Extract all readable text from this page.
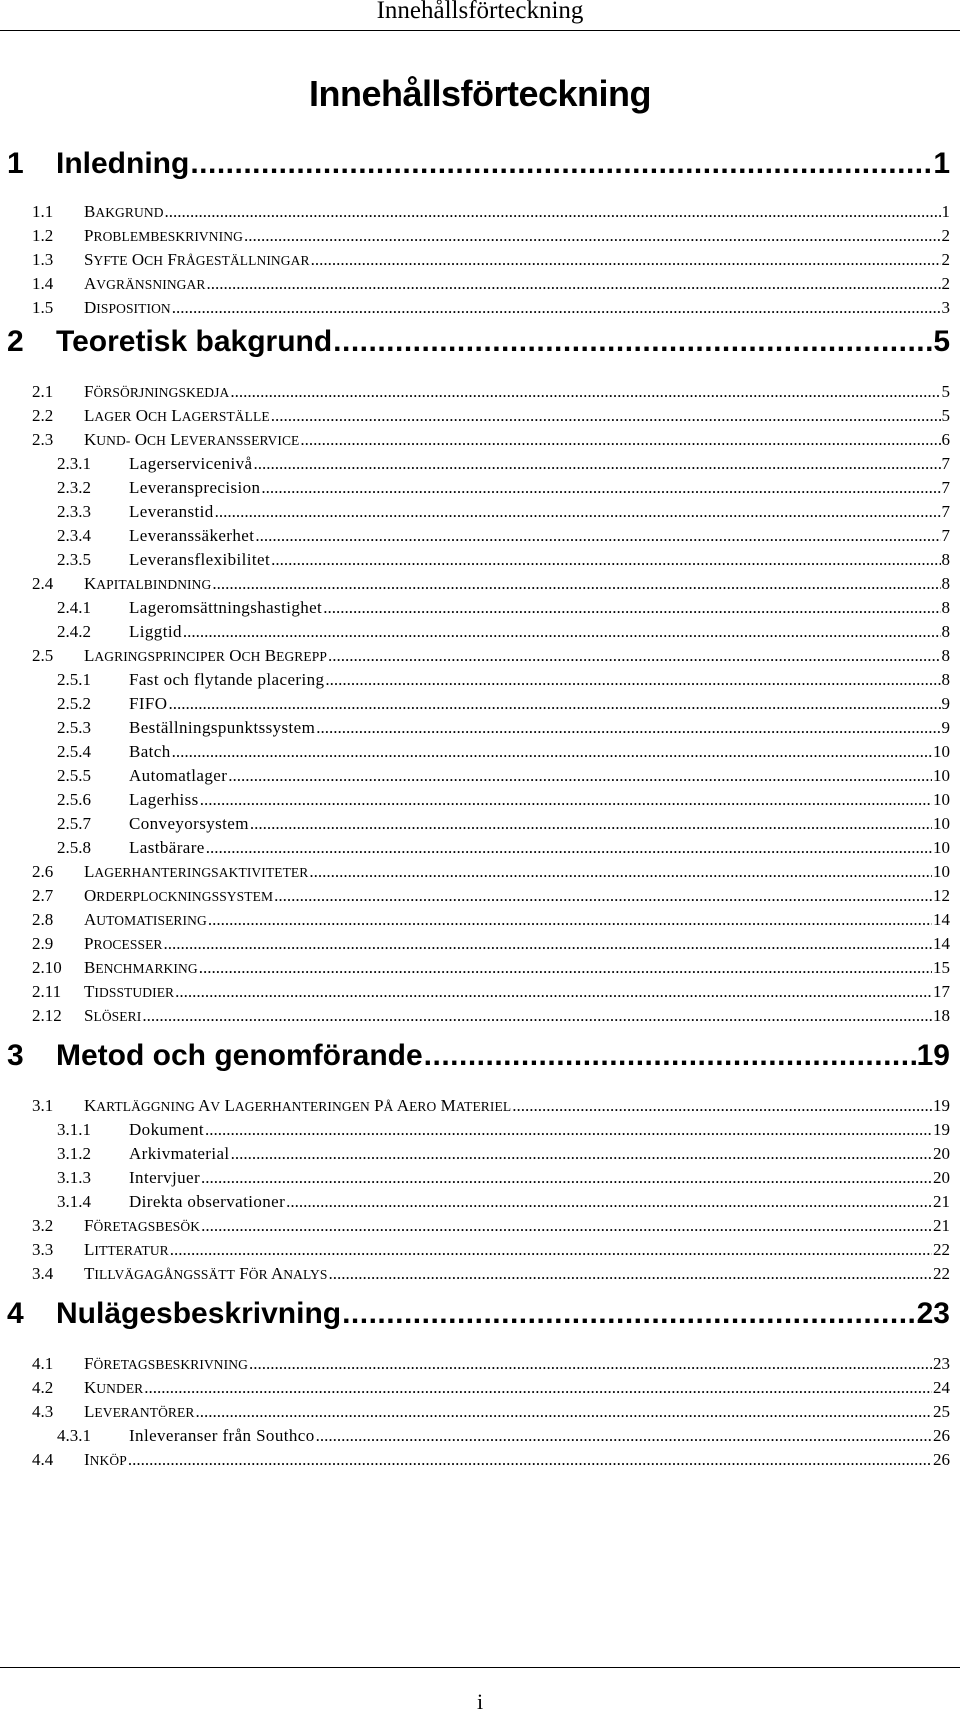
Innehållsförteckning
Innehållsförteckning
1	Inledning .....	1
1.1	BAKGRUND .....	1
1.2	PROBLEMBESKRIVNING .....	2
1.3	SYFTE OCH FRÅGESTÄLLNINGAR .....	2
1.4	AVGRÄNSNINGAR .....	2
1.5	DISPOSITION .....	3
2	Teoretisk bakgrund .....	5
2.1	FÖRSÖRJNINGSKEDJA .....	5
2.2	LAGER OCH LAGERSTÄLLE .....	5
2.3	KUND- OCH LEVERANSSERVICE .....	6
2.3.1	Lagerservicenivå .....	7
2.3.2	Leveransprecision .....	7
2.3.3	Leveranstid .....	7
2.3.4	Leveranssäkerhet .....	7
2.3.5	Leveransflexibilitet .....	8
2.4	KAPITALBINDNING .....	8
2.4.1	Lageromsättningshastighet .....	8
2.4.2	Liggtid .....	8
2.5	LAGRINGSPRINCIPER OCH BEGREPP .....	8
2.5.1	Fast och flytande placering .....	8
2.5.2	FIFO .....	9
2.5.3	Beställningspunktssystem .....	9
2.5.4	Batch .....	10
2.5.5	Automatlager .....	10
2.5.6	Lagerhiss .....	10
2.5.7	Conveyorsystem .....	10
2.5.8	Lastbärare .....	10
2.6	LAGERHANTERINGSAKTIVITETER .....	10
2.7	ORDERPLOCKNINGSSYSTEM .....	12
2.8	AUTOMATISERING .....	14
2.9	PROCESSER .....	14
2.10	BENCHMARKING .....	15
2.11	TIDSSTUDIER .....	17
2.12	SLÖSERI .....	18
3	Metod och genomförande .....	19
3.1	KARTLÄGGNING AV LAGERHANTERINGEN PÅ AERO MATERIEL .....	19
3.1.1	Dokument .....	19
3.1.2	Arkivmaterial .....	20
3.1.3	Intervjuer .....	20
3.1.4	Direkta observationer .....	21
3.2	FÖRETAGSBESÖK .....	21
3.3	LITTERATUR .....	22
3.4	TILLVÄGAGÅNGSSÄTT FÖR ANALYS .....	22
4	Nulägesbeskrivning .....	23
4.1	FÖRETAGSBESKRIVNING .....	23
4.2	KUNDER .....	24
4.3	LEVERANTÖRER .....	25
4.3.1	Inleveranser från Southco .....	26
4.4	INKÖP .....	26
i
